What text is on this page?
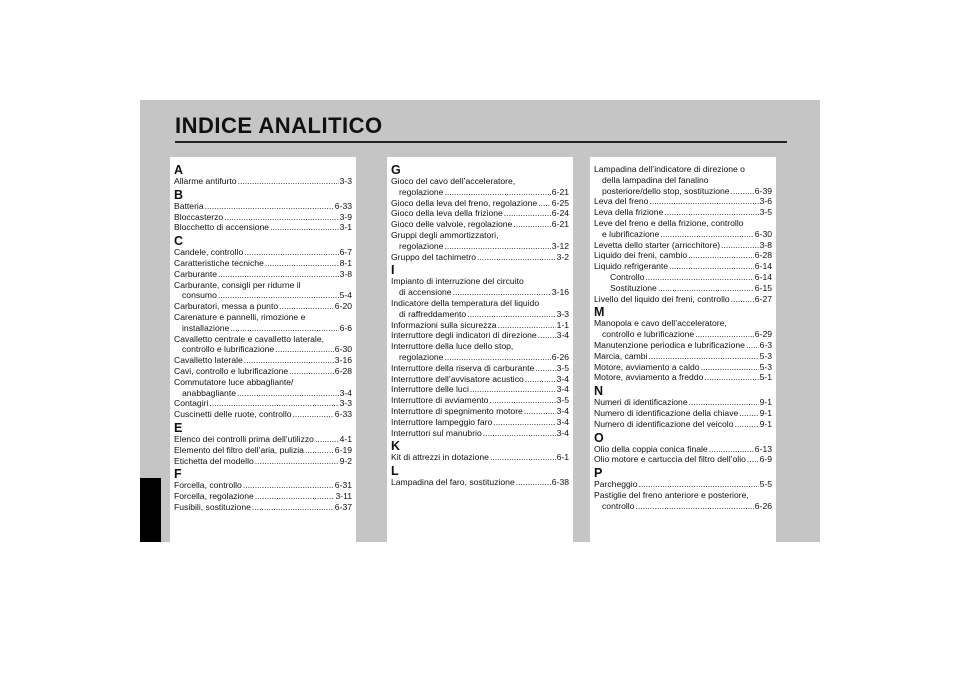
INDICE ANALITICO
A
Allarme antifurto .....	3-3
B
Batteria .....	6-33
Bloccasterzo .....	3-9
Blocchetto di accensione .....	3-1
C
Candele, controllo .....	6-7
Caratteristiche tecniche .....	8-1
Carburante .....	3-8
Carburante, consigli per ridurne il
consumo .....	5-4
Carburatori, messa a punto .....	6-20
Carenature e pannelli, rimozione e
installazione .....	6-6
Cavalletto centrale e cavalletto laterale,
controllo e lubrificazione .....	6-30
Cavalletto laterale .....	3-16
Cavi, controllo e lubrificazione .....	6-28
Commutatore luce abbagliante/
anabbagliante .....	3-4
Contagiri .....	3-3
Cuscinetti delle ruote, controllo .....	6-33
E
Elenco dei controlli prima dell’utilizzo .....	4-1
Elemento del filtro dell’aria, pulizia .....	6-19
Etichetta del modello .....	9-2
F
Forcella, controllo .....	6-31
Forcella, regolazione .....	3-11
Fusibili, sostituzione .....	6-37
G
Gioco del cavo dell’acceleratore,
regolazione .....	6-21
Gioco della leva del freno, regolazione ..... 6-25
Gioco della leva della frizione .....	6-24
Gioco delle valvole, regolazione .....	6-21
Gruppi degli ammortizzatori,
regolazione .....	3-12
Gruppo del tachimetro .....	3-2
I
Impianto di interruzione del circuito
di accensione .....	3-16
Indicatore della temperatura del liquido
di raffreddamento .....	3-3
Informazioni sulla sicurezza .....	1-1
Interruttore degli indicatori di direzione ..... 3-4
Interruttore della luce dello stop,
regolazione .....	6-26
Interruttore della riserva di carburante .....	3-5
Interruttore dell’avvisatore acustico .....	3-4
Interruttore delle luci .....	3-4
Interruttore di avviamento .....	3-5
Interruttore di spegnimento motore .....	3-4
Interruttore lampeggio faro .....	3-4
Interruttori sul manubrio .....	3-4
K
Kit di attrezzi in dotazione .....	6-1
L
Lampadina del faro, sostituzione .....	6-38
Lampadina dell’indicatore di direzione o
della lampadina del fanalino
posteriore/dello stop, sostituzione .....	6-39
Leva del freno .....	3-6
Leva della frizione .....	3-5
Leve del freno e della frizione, controllo
e lubrificazione .....	6-30
Levetta dello starter (arricchitore) .....	3-8
Liquido dei freni, cambio .....	6-28
Liquido refrigerante .....	6-14
Controllo .....	6-14
Sostituzione .....	6-15
Livello del liquido dei freni, controllo .....	6-27
M
Manopola e cavo dell’acceleratore,
controllo e lubrificazione .....	6-29
Manutenzione periodica e lubrificazione ..... 6-3
Marcia, cambi .....	5-3
Motore, avviamento a caldo .....	5-3
Motore, avviamento a freddo .....	5-1
N
Numeri di identificazione .....	9-1
Numero di identificazione della chiave ..... 9-1
Numero di identificazione del veicolo .....	9-1
O
Olio della coppia conica finale .....	6-13
Olio motore e cartuccia del filtro dell’olio ..... 6-9
P
Parcheggio .....	5-5
Pastiglie del freno anteriore e posteriore,
controllo .....	6-26
